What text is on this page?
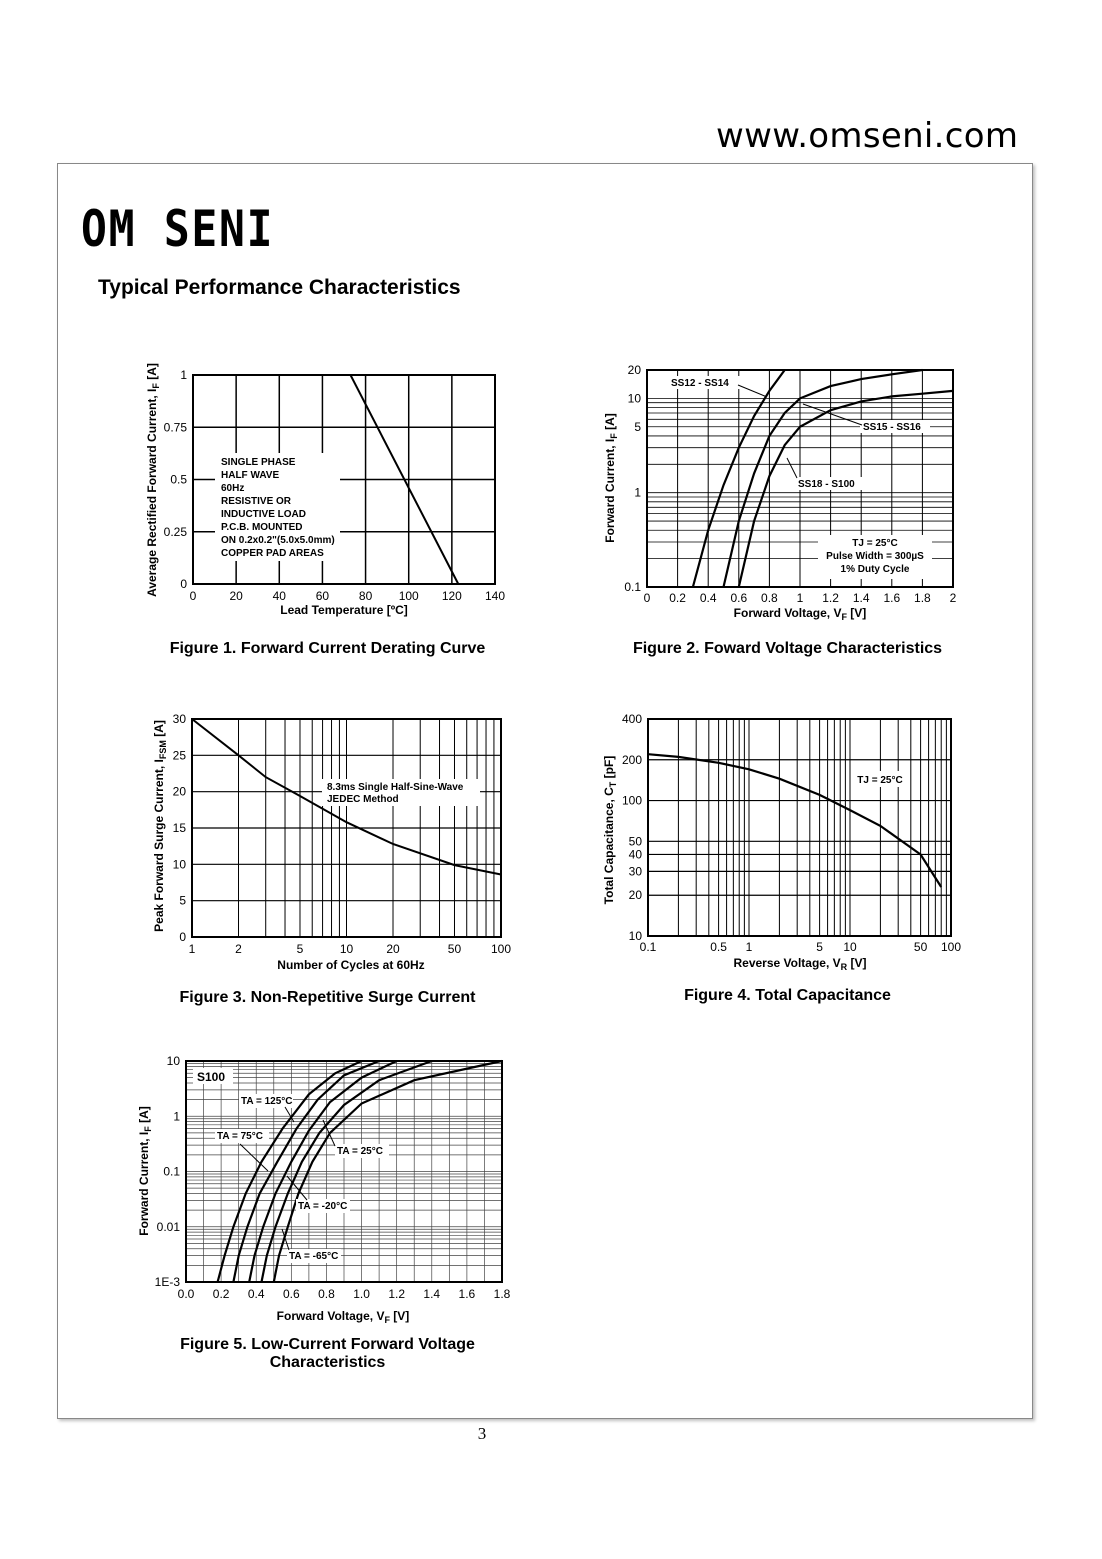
www.omseni.com
OM SENI
Typical Performance Characteristics
0	20 40 60 80 100 120 140
0
0.25
0.5
0.75
1
SINGLE PHASE
HALF WAVE
60Hz
RESISTIVE OR
INDUCTIVE LOAD
P.C.B. MOUNTED
ON 0.2x0.2"(5.0x5.0mm)
COPPER PAD AREAS
Lead Temperature [ºC]
Average Rectified Forward Current, $I_F$ [A]
0 0.2 0.4 0.6 0.8 1 1.2 1.4 1.6 1.8 2
0.1
1
5
10
20
SS12 - SS14
SS15 - SS16
SS18 - S100
TJ = 25°C
Pulse Width = 300µS
1% Duty Cycle
Forward Voltage, $V_F$ [V]
Forward Current, $I_F$ [A]
0
5
10
15
20
25
30
1	2	5	10	20	50 100
8.3ms Single Half-Sine-Wave
JEDEC Method
Number of Cycles at 60Hz
Peak Forward Surge Current, $I_{FSM}$ [A]
10
20
30
40
50
100
200
400
0.1	0.5 1	5 10	50 100
TJ = 25°C
Reverse Voltage, $V_R$ [V]
Total Capacitance, $C_T$ [pF]
0.0 0.2 0.4 0.6 0.8 1.0 1.2 1.4 1.6 1.8
1E-3
0.01
0.1
1
10
S100
TA = 125°C
TA = 75°C
TA = 25°C
TA = -20°C
TA = -65°C
Forward Voltage, $V_F$ [V]
Forward Current, $I_F$ [A]
Figure 1. Forward Current Derating Curve	Figure 2. Foward Voltage Characteristics
Figure 3. Non-Repetitive Surge Current	Figure 4. Total Capacitance
Figure 5. Low-Current Forward Voltage Characteristics
3
